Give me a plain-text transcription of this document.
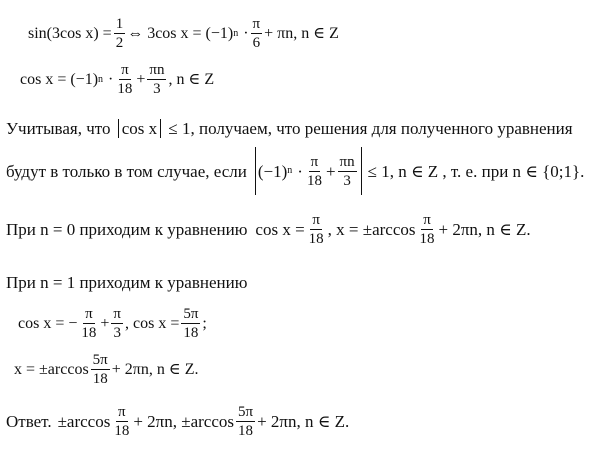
sin(3cos $x) = \frac{1}{2}$ ⇔ 3cos x = (−1) $n \cdot \frac{\pi}{6} + \pi n$, n ∈ Z
cos x = (−1) $n \cdot \frac{\pi}{18} + \frac{\pi n}{3}$ , n ∈ Z
Учитывая, что cos x ≤ 1, получаем, что решения для полученного уравнения
будут в только в том случае, если (−1) $n \cdot \frac{\pi}{18} + \frac{\pi n}{3} \le 1$, n ∈ Z , т. е. при n ∈ {0;1}.
При n = 0 приходим к уравнению $\cos x = \frac{\pi}{18}$ , $x = \pm\arccos \frac{\pi}{18} + 2\pi n$, n ∈ Z.
При n = 1 приходим к уравнению
cos x = − $\frac{\pi}{18} + \frac{\pi}{3}$ , $\cos x = \frac{5\pi}{18}$ ;
$x = \pm\arccos \frac{5\pi}{18} + 2\pi n$, n ∈ Z.
Ответ. $\pm\arccos \frac{\pi}{18} + 2\pi n$, $\pm\arccos \frac{5\pi}{18} + 2\pi n$, n ∈ Z.
